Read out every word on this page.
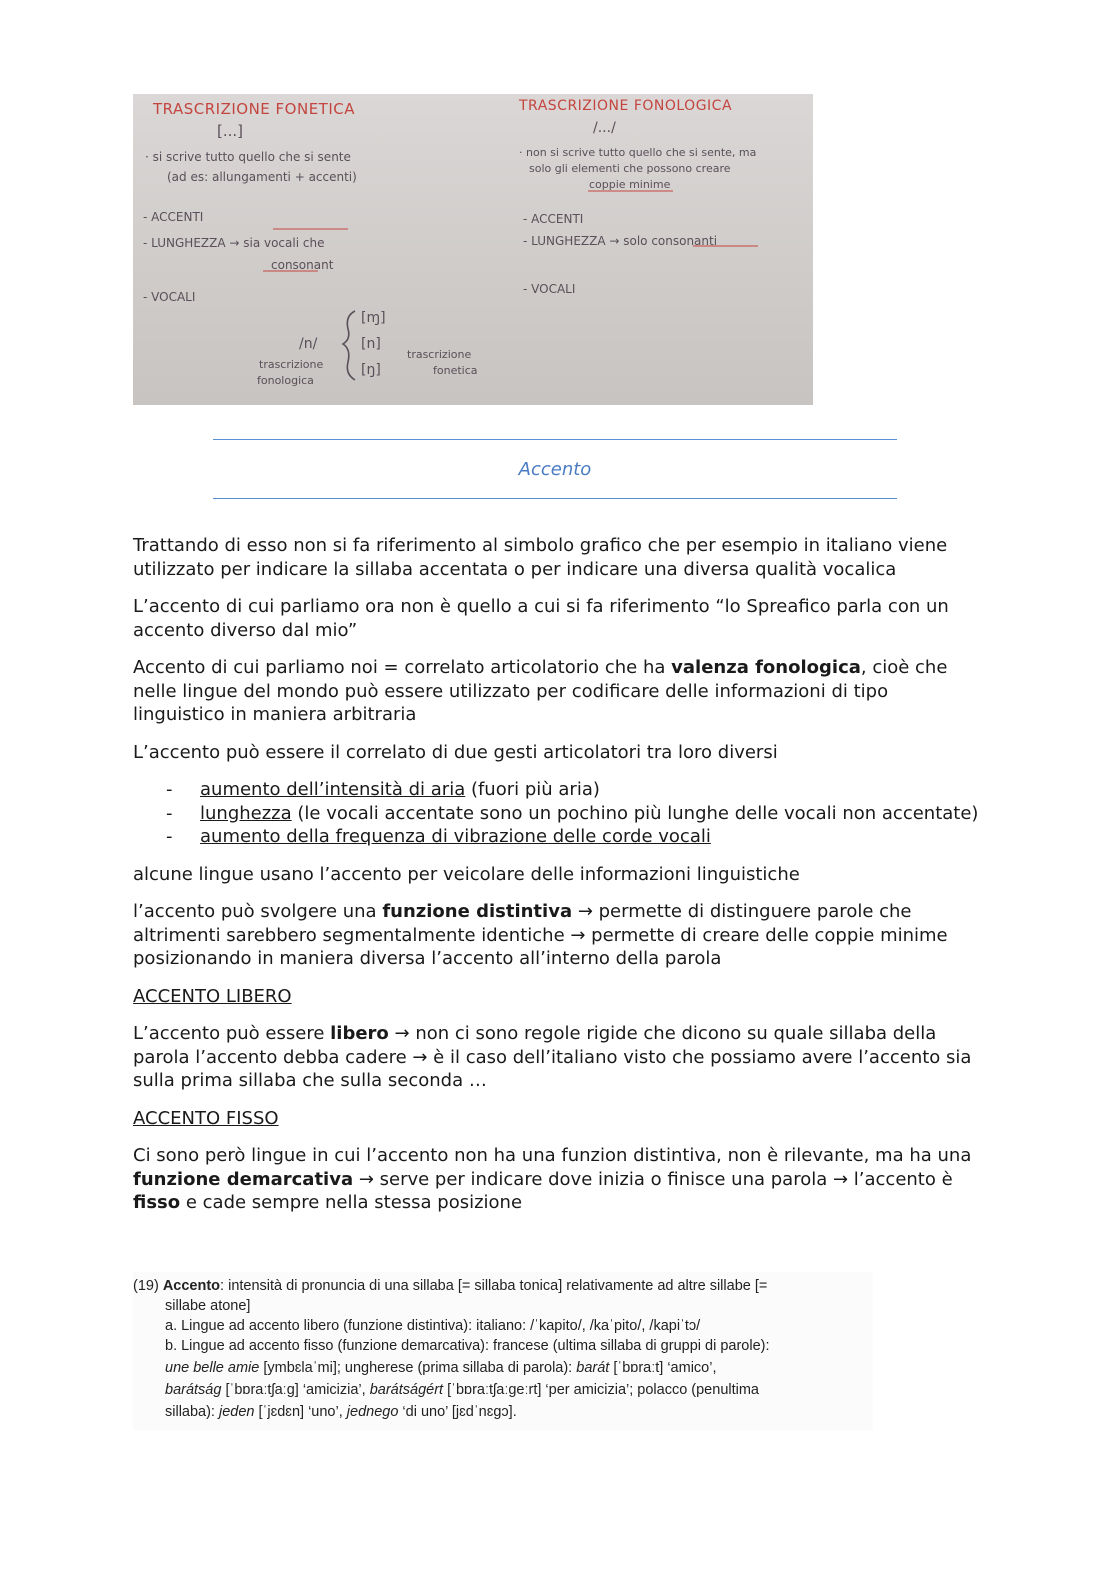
TRASCRIZIONE FONETICA
[...]
· si scrive tutto quello che si sente
(ad es: allungamenti + accenti)
- ACCENTI
- LUNGHEZZA → sia vocali che
consonant
- VOCALI
/n/
[ɱ]
[n]
[ŋ]
trascrizione
fonologica
trascrizione
fonetica
TRASCRIZIONE FONOLOGICA
/.../
· non si scrive tutto quello che si sente, ma
solo gli elementi che possono creare
coppie minime
- ACCENTI
- LUNGHEZZA → solo consonanti
- VOCALI
Accento

Trattando di esso non si fa riferimento al simbolo grafico che per esempio in italiano viene utilizzato per indicare la sillaba accentata o per indicare una diversa qualità vocalica

L’accento di cui parliamo ora non è quello a cui si fa riferimento “lo Spreafico parla con un accento diverso dal mio”

Accento di cui parliamo noi = correlato articolatorio che ha valenza fonologica, cioè che nelle lingue del mondo può essere utilizzato per codificare delle informazioni di tipo linguistico in maniera arbitraria

L’accento può essere il correlato di due gesti articolatori tra loro diversi

- aumento dell’intensità di aria (fuori più aria)
- lunghezza (le vocali accentate sono un pochino più lunghe delle vocali non accentate)
- aumento della frequenza di vibrazione delle corde vocali

alcune lingue usano l’accento per veicolare delle informazioni linguistiche

l’accento può svolgere una funzione distintiva → permette di distinguere parole che altrimenti sarebbero segmentalmente identiche → permette di creare delle coppie minime posizionando in maniera diversa l’accento all’interno della parola

ACCENTO LIBERO

L’accento può essere libero → non ci sono regole rigide che dicono su quale sillaba della parola l’accento debba cadere → è il caso dell’italiano visto che possiamo avere l’accento sia sulla prima sillaba che sulla seconda …

ACCENTO FISSO

Ci sono però lingue in cui l’accento non ha una funzion distintiva, non è rilevante, ma ha una funzione demarcativa → serve per indicare dove inizia o finisce una parola → l’accento è fisso e cade sempre nella stessa posizione

(19) Accento: intensità di pronuncia di una sillaba [= sillaba tonica] relativamente ad altre sillabe [=
sillabe atone]
a. Lingue ad accento libero (funzione distintiva): italiano: /ˈkapito/, /kaˈpito/, /kapiˈtɔ/
b. Lingue ad accento fisso (funzione demarcativa): francese (ultima sillaba di gruppi di parole):
une belle amie [ymbɛlaˈmi]; ungherese (prima sillaba di parola): barát [ˈbɒraːt] ‘amico’,
barátság [ˈbɒraːtʃaːg] ‘amicizia’, barátságért [ˈbɒraːtʃaːgeːrt] ‘per amicizia’; polacco (penultima
sillaba): jeden [ˈjɛdɛn] ‘uno’, jednego ‘di uno’ [jɛdˈnɛgɔ].
